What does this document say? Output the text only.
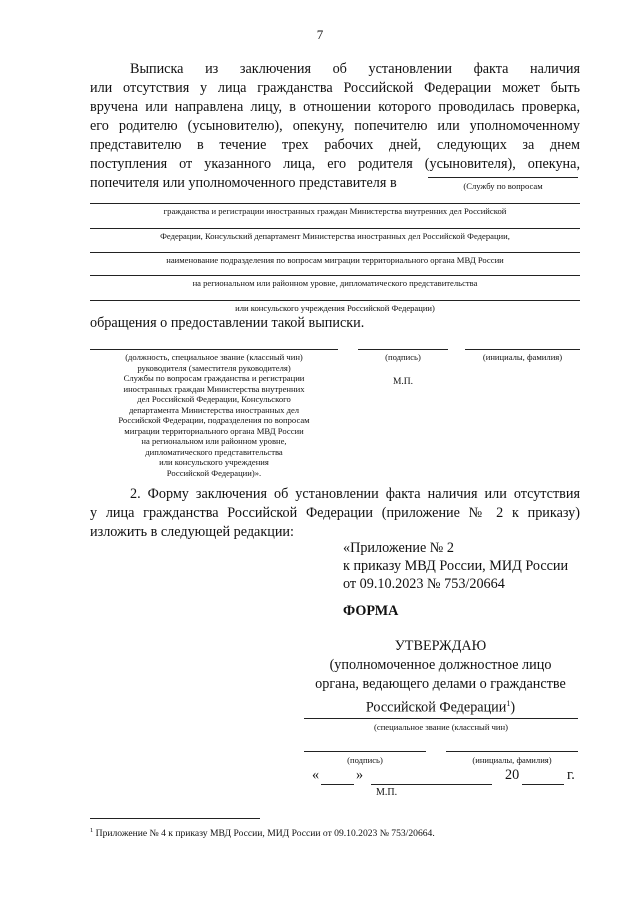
7
Выписка из заключения об установлении факта наличия
или отсутствия у лица гражданства Российской Федерации может быть
вручена или направлена лицу, в отношении которого проводилась проверка,
его родителю (усыновителю), опекуну, попечителю или уполномоченному
представителю в течение трех рабочих дней, следующих за днем
поступления от указанного лица, его родителя (усыновителя), опекуна,
попечителя или уполномоченного представителя в	(Службу по вопросам
гражданства и регистрации иностранных граждан Министерства внутренних дел Российской
Федерации, Консульский департамент Министерства иностранных дел Российской Федерации,
наименование подразделения по вопросам миграции территориального органа МВД России
на региональном или районном уровне, дипломатического представительства
или консульского учреждения Российской Федерации)
обращения о предоставлении такой выписки.
(должность, специальное звание (классный чин)
руководителя (заместителя руководителя)
Службы по вопросам гражданства и регистрации
иностранных граждан Министерства внутренних
дел Российской Федерации, Консульского
департамента Министерства иностранных дел
Российской Федерации, подразделения по вопросам
миграции территориального органа МВД России
на региональном или районном уровне,
дипломатического представительства
или консульского учреждения
Российской Федерации)».
(подпись)
М.П.
(инициалы, фамилия)
2. Форму заключения об установлении факта наличия или отсутствия
у лица гражданства Российской Федерации (приложение № 2 к приказу)
изложить в следующей редакции:
«Приложение № 2
к приказу МВД России, МИД России
от 09.10.2023 № 753/20664
ФОРМА
УТВЕРЖДАЮ
(уполномоченное должностное лицо
органа, ведающего делами о гражданстве
Российской Федерации$^1$)
(специальное звание (классный чин)
(подпись)	(инициалы, фамилия)
«	»	20	г.
М.П.
$^1$ Приложение № 4 к приказу МВД России, МИД России от 09.10.2023 № 753/20664.
